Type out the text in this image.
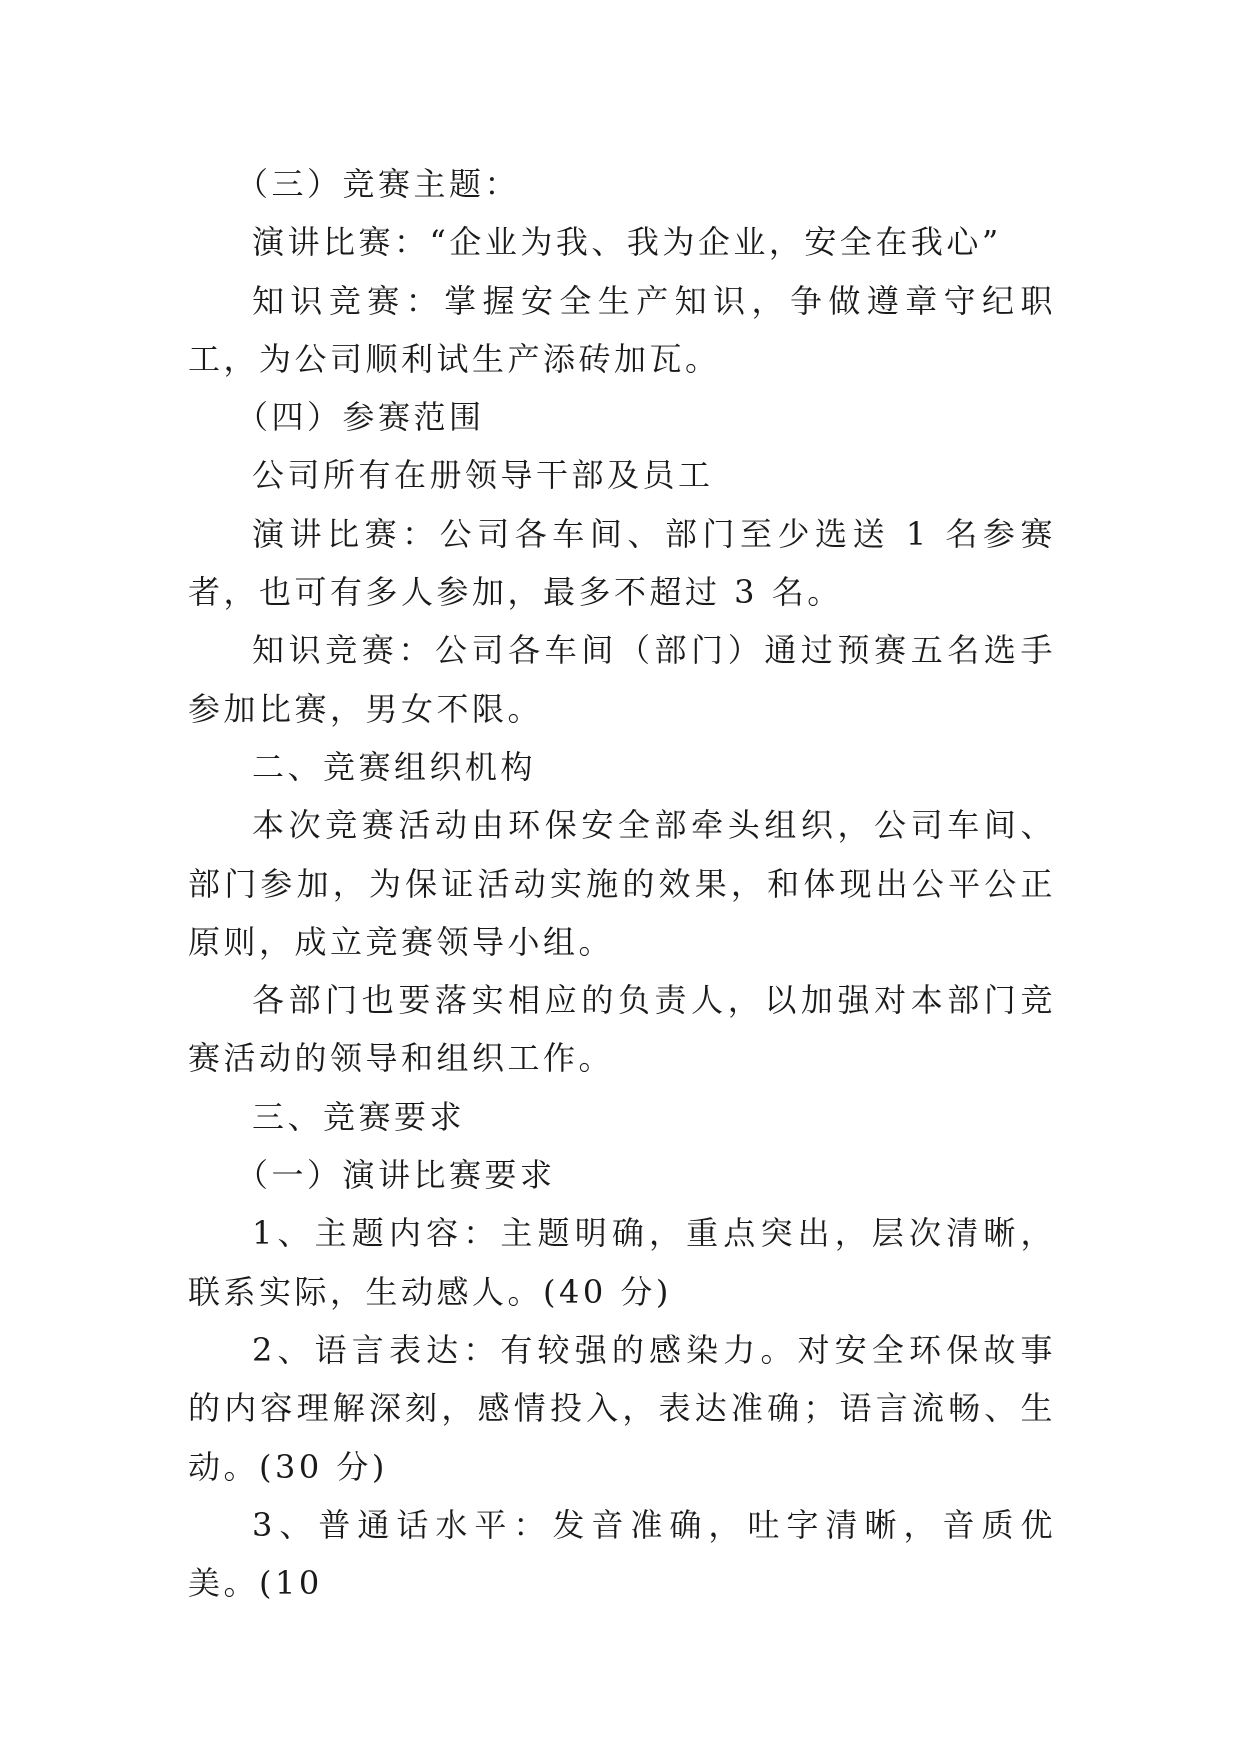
（三）竞赛主题：

演讲比赛：“企业为我、我为企业，安全在我心”

知识竞赛：掌握安全生产知识，争做遵章守纪职工，为公司顺利试生产添砖加瓦。

（四）参赛范围

公司所有在册领导干部及员工

演讲比赛：公司各车间、部门至少选送 1 名参赛者，也可有多人参加，最多不超过 3 名。

知识竞赛：公司各车间（部门）通过预赛五名选手参加比赛，男女不限。

二、竞赛组织机构

本次竞赛活动由环保安全部牵头组织，公司车间、部门参加，为保证活动实施的效果，和体现出公平公正原则，成立竞赛领导小组。

各部门也要落实相应的负责人，以加强对本部门竞赛活动的领导和组织工作。

三、竞赛要求

（一）演讲比赛要求

1、主题内容：主题明确，重点突出，层次清晰，联系实际，生动感人。(40 分)

2、语言表达：有较强的感染力。对安全环保故事的内容理解深刻，感情投入，表达准确；语言流畅、生动。(30 分)

3、普通话水平：发音准确，吐字清晰，音质优美。(10
